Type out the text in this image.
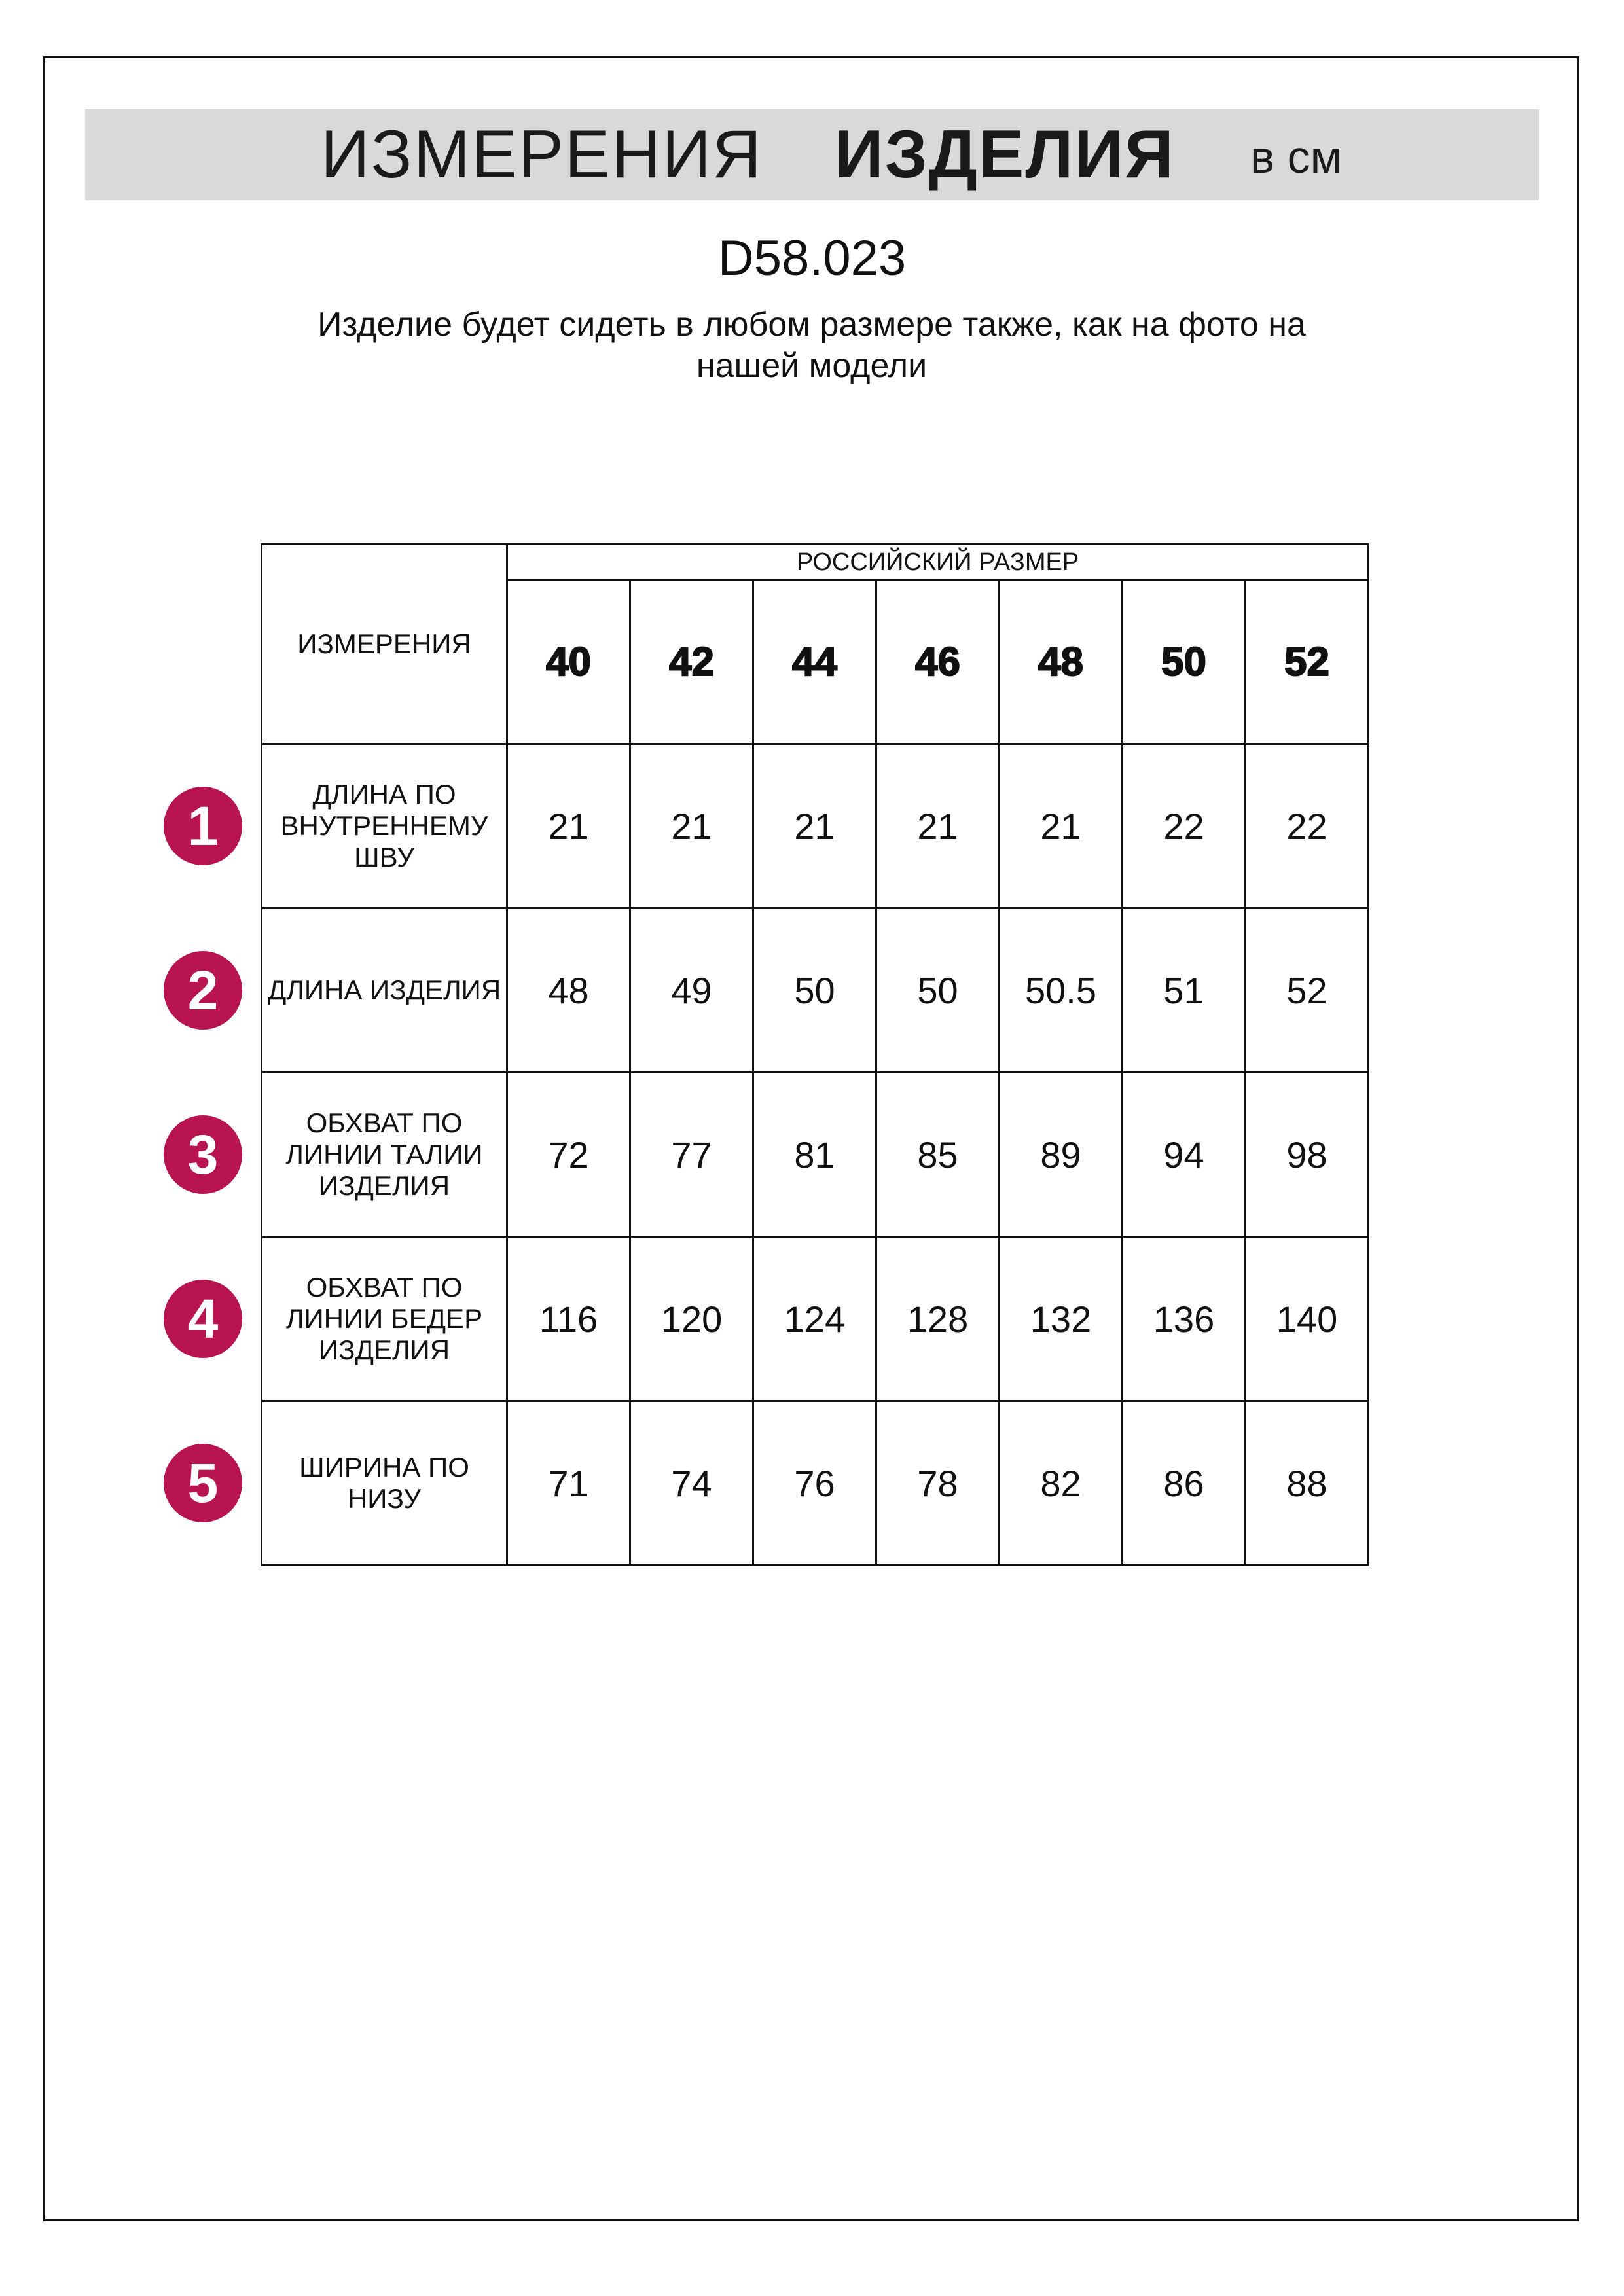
ИЗМЕРЕНИЯ ИЗДЕЛИЯ в см
D58.023
Изделие будет сидеть в любом размере также, как на фото на нашей модели
1
2
3
4
5
ИЗМЕРЕНИЯ	РОССИЙСКИЙ РАЗМЕР						
	40	42	44	46	48	50	52
ДЛИНА ПО ВНУТРЕННЕМУ ШВУ	21	21	21	21	21	22	22
ДЛИНА ИЗДЕЛИЯ	48	49	50	50	50.5	51	52
ОБХВАТ ПО ЛИНИИ ТАЛИИ ИЗДЕЛИЯ	72	77	81	85	89	94	98
ОБХВАТ ПО ЛИНИИ БЕДЕР ИЗДЕЛИЯ	116	120	124	128	132	136	140
ШИРИНА ПО НИЗУ	71	74	76	78	82	86	88
